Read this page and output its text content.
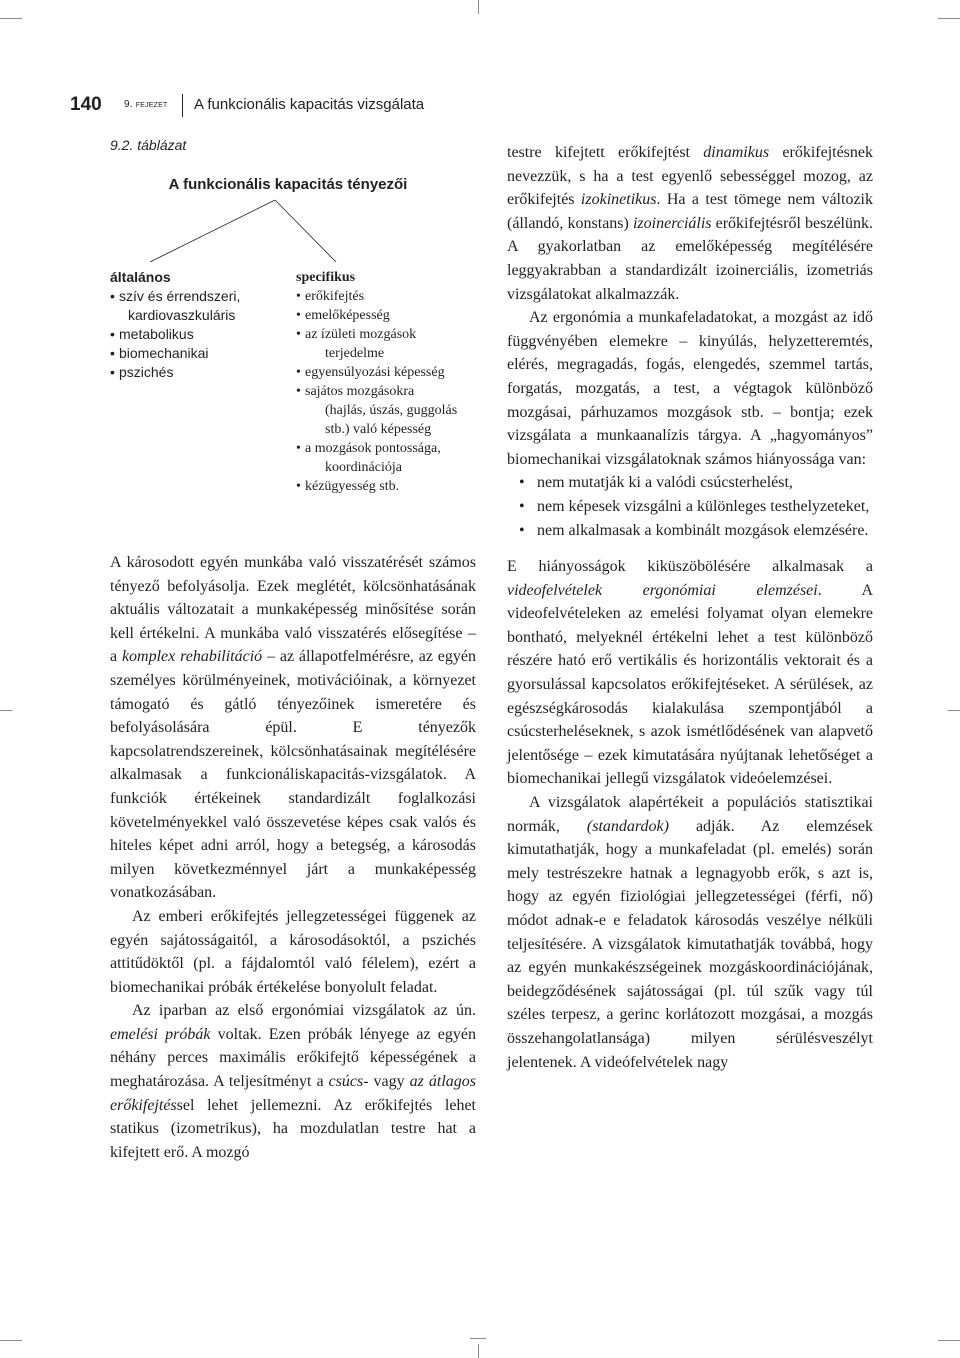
140 9. FEJEZET A funkcionális kapacitás vizsgálata
9.2. táblázat
A funkcionális kapacitás tényezői
általános
• szív és érrendszeri,
kardiovaszkuláris
• metabolikus
• biomechanikai
• pszichés
specifikus
• erőkifejtés
• emelőképesség
• az ízületi mozgások
terjedelme
• egyensúlyozási képesség
• sajátos mozgásokra
(hajlás, úszás, guggolás
stb.) való képesség
• a mozgások pontossága,
koordinációja
• kézügyesség stb.

A károsodott egyén munkába való visszatérését számos tényező befolyásolja. Ezek meglétét, kölcsönhatásának aktuális változatait a munkaképesség minősítése során kell értékelni. A munkába való visszatérés elősegítése – a komplex rehabilitáció – az állapotfelmérésre, az egyén személyes körülményeinek, motivációinak, a környezet támogató és gátló tényezőinek ismeretére és befolyásolására épül. E tényezők kapcsolatrendszereinek, kölcsönhatásainak megítélésére alkalmasak a funkcionáliskapacitás-vizsgálatok. A funkciók értékeinek standardizált foglalkozási követelményekkel való összevetése képes csak valós és hiteles képet adni arról, hogy a betegség, a károsodás milyen következménnyel járt a munkaképesség vonatkozásában.

Az emberi erőkifejtés jellegzetességei függenek az egyén sajátosságaitól, a károsodásoktól, a pszichés attitűdöktől (pl. a fájdalomtól való félelem), ezért a biomechanikai próbák értékelése bonyolult feladat.

Az iparban az első ergonómiai vizsgálatok az ún. emelési próbák voltak. Ezen próbák lényege az egyén néhány perces maximális erőkifejtő képességének a meghatározása. A teljesítményt a csúcs- vagy az átlagos erőkifejtéssel lehet jellemezni. Az erőkifejtés lehet statikus (izometrikus), ha mozdulatlan testre hat a kifejtett erő. A mozgó

testre kifejtett erőkifejtést dinamikus erőkifejtésnek nevezzük, s ha a test egyenlő sebességgel mozog, az erőkifejtés izokinetikus. Ha a test tömege nem változik (állandó, konstans) izoinerciális erőkifejtésről beszélünk. A gyakorlatban az emelőképesség megítélésére leggyakrabban a standardizált izoinerciális, izometriás vizsgálatokat alkalmazzák.

Az ergonómia a munkafeladatokat, a mozgást az idő függvényében elemekre – kinyúlás, helyzetteremtés, elérés, megragadás, fogás, elengedés, szemmel tartás, forgatás, mozgatás, a test, a végtagok különböző mozgásai, párhuzamos mozgások stb. – bontja; ezek vizsgálata a munkaanalízis tárgya. A „hagyományos” biomechanikai vizsgálatoknak számos hiányossága van:

• nem mutatják ki a valódi csúcsterhelést,
• nem képesek vizsgálni a különleges testhelyzeteket,
• nem alkalmasak a kombinált mozgások elemzésére.

E hiányosságok kiküszöbölésére alkalmasak a videofelvételek ergonómiai elemzései. A videofelvételeken az emelési folyamat olyan elemekre bontható, melyeknél értékelni lehet a test különböző részére ható erő vertikális és horizontális vektorait és a gyorsulással kapcsolatos erőkifejtéseket. A sérülések, az egészségkárosodás kialakulása szempontjából a csúcsterheléseknek, s azok ismétlődésének van alapvető jelentősége – ezek kimutatására nyújtanak lehetőséget a biomechanikai jellegű vizsgálatok videóelemzései.

A vizsgálatok alapértékeit a populációs statisztikai normák, (standardok) adják. Az elemzések kimutathatják, hogy a munkafeladat (pl. emelés) során mely testrészekre hatnak a legnagyobb erők, s azt is, hogy az egyén fiziológiai jellegzetességei (férfi, nő) módot adnak-e e feladatok károsodás veszélye nélküli teljesítésére. A vizsgálatok kimutathatják továbbá, hogy az egyén munkakészségeinek mozgáskoordinációjának, beidegződésének sajátosságai (pl. túl szűk vagy túl széles terpesz, a gerinc korlátozott mozgásai, a mozgás összehangolatlansága) milyen sérülésveszélyt jelentenek. A videófelvételek nagy
